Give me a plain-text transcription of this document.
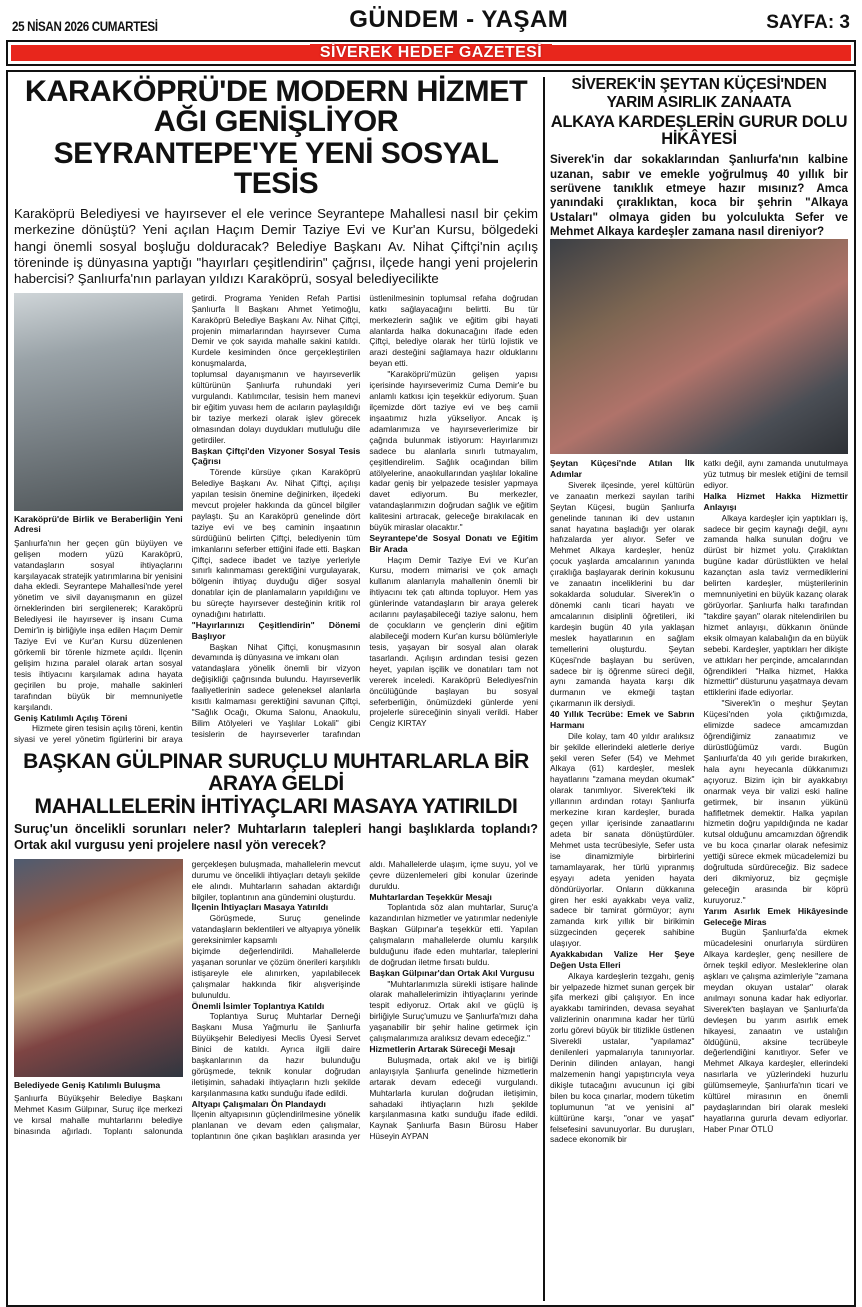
25 NİSAN 2026 CUMARTESİ	GÜNDEM - YAŞAM	SAYFA: 3
SİVEREK HEDEF GAZETESİ
KARAKÖPRÜ'DE MODERN HİZMET AĞI GENİŞLİYOR
SEYRANTEPE'YE YENİ SOSYAL TESİS
Karaköprü Belediyesi ve hayırsever el ele verince Seyrantepe Mahallesi nasıl bir çekim merkezine dönüştü? Yeni açılan Haçım Demir Taziye Evi ve Kur'an Kursu, bölgedeki hangi önemli sosyal boşluğu dolduracak? Belediye Başkanı Av. Nihat Çiftçi'nin açılış töreninde iş dünyasına yaptığı "hayırları çeşitlendirin" çağrısı, ilçede hangi yeni projelerin habercisi? Şanlıurfa'nın parlayan yıldızı Karaköprü, sosyal belediyecilikte
Karaköprü'de Birlik ve Beraberliğin Yeni Adresi

Şanlıurfa'nın her geçen gün büyüyen ve gelişen modern yüzü Karaköprü, vatandaşların sosyal ihtiyaçlarını karşılayacak stratejik yatırımlarına bir yenisini daha ekledi. Seyrantepe Mahallesi'nde yerel yönetim ve sivil dayanışmanın en güzel örneklerinden biri sergilenerek; Karaköprü Belediyesi ile hayırsever iş insanı Cuma Demir'in iş birliğiyle inşa edilen Haçım Demir Taziye Evi ve Kur'an Kursu düzenlenen görkemli bir törenle hizmete açıldı. İlçenin gelişim hızına paralel olarak artan sosyal tesis ihtiyacını karşılamak adına hayata geçirilen bu proje, mahalle sakinleri tarafından büyük bir memnuniyetle karşılandı.

Geniş Katılımlı Açılış Töreni

Hizmete giren tesisin açılış töreni, kentin siyasi ve yerel yönetim figürlerini bir araya getirdi. Programa Yeniden Refah Partisi Şanlıurfa İl Başkanı Ahmet Yetimoğlu, Karaköprü Belediye Başkanı Av. Nihat Çiftçi, projenin mimarlarından hayırsever Cuma Demir ve çok sayıda mahalle sakini katıldı. Kurdele kesiminden önce gerçekleştirilen konuşmalarda,

toplumsal dayanışmanın ve hayırseverlik kültürünün Şanlıurfa ruhundaki yeri vurgulandı. Katılımcılar, tesisin hem manevi bir eğitim yuvası hem de acıların paylaşıldığı bir taziye merkezi olarak işlev görecek olmasından dolayı duydukları mutluluğu dile getirdiler.

Başkan Çiftçi'den Vizyoner Sosyal Tesis Çağrısı

Törende kürsüye çıkan Karaköprü Belediye Başkanı Av. Nihat Çiftçi, açılışı yapılan tesisin önemine değinirken, ilçedeki mevcut projeler hakkında da güncel bilgiler paylaştı. Şu an Karaköprü genelinde dört taziye evi ve beş caminin inşaatının sürdüğünü belirten Çiftçi, belediyenin tüm imkanlarını seferber ettiğini ifade etti. Başkan Çiftçi, sadece ibadet ve taziye yerleriyle sınırlı kalınmaması gerektiğini vurgulayarak, bölgenin ihtiyaç duyduğu diğer sosyal donatılar için de planlamaların yapıldığını ve bu süreçte hayırsever desteğinin kritik rol oynadığını hatırlattı.

"Hayırlarınızı Çeşitlendirin" Dönemi Başlıyor

Başkan Nihat Çiftçi, konuşmasının devamında iş dünyasına ve imkanı olan

vatandaşlara yönelik önemli bir vizyon değişikliği çağrısında bulundu. Hayırseverlik faaliyetlerinin sadece geleneksel alanlarla kısıtlı kalmaması gerektiğini savunan Çiftçi, "Sağlık Ocağı, Okuma Salonu, Anaokulu, Bilim Atölyeleri ve Yaşlılar Lokali" gibi tesislerin de hayırseverler tarafından üstlenilmesinin toplumsal refaha doğrudan katkı sağlayacağını belirtti. Bu tür merkezlerin sağlık ve eğitim gibi hayati alanlarda halka dokunacağını ifade eden Çiftçi, belediye olarak her türlü lojistik ve arazi desteğini sağlamaya hazır olduklarını beyan etti.

"Karaköprü'müzün gelişen yapısı içerisinde hayırseverimiz Cuma Demir'e bu anlamlı katkısı için teşekkür ediyorum. Şuan ilçemizde dört taziye evi ve beş camii inşaatımız hızla yükseliyor. Ancak iş adamlarımıza ve hayırseverlerimize bir çağrıda bulunmak istiyorum: Hayırlarımızı sadece bu alanlarla sınırlı tutmayalım, çeşitlendirelim. Sağlık ocağından bilim atölyelerine, anaokullarından yaşlılar lokaline kadar geniş bir yelpazede tesisler yapmaya davet ediyorum. Bu merkezler, vatandaşlarımızın doğrudan sağlık ve eğitim kalitesini artıracak, geleceğe bırakılacak en büyük miraslar olacaktır."

Seyrantepe'de Sosyal Donatı ve Eğitim Bir Arada

Haçım Demir Taziye Evi ve Kur'an Kursu, modern mimarisi ve çok amaçlı kullanım alanlarıyla mahallenin önemli bir ihtiyacını tek çatı altında topluyor. Hem yas günlerinde vatandaşların bir araya gelerek acılarını paylaşabileceği taziye salonu, hem de çocukların ve gençlerin dini eğitim alabileceği modern Kur'an kursu bölümleriyle tesis, yaşayan bir sosyal alan olarak tasarlandı. Açılışın ardından tesisi gezen heyet, yapılan işçilik ve donatıları tam not vererek inceledi. Karaköprü Belediyesi'nin öncülüğünde başlayan bu sosyal seferberliğin, önümüzdeki günlerde yeni projelerle süreceğinin sinyali verildi. Haber Cengiz KIRTAY

BAŞKAN GÜLPINAR SURUÇLU MUHTARLARLA BİR ARAYA GELDİ
MAHALLELERİN İHTİYAÇLARI MASAYA YATIRILDI
Suruç'un öncelikli sorunları neler? Muhtarların talepleri hangi başlıklarda toplandı? Ortak akıl vurgusu yeni projelere nasıl yön verecek?
Belediyede Geniş Katılımlı Buluşma

Şanlıurfa Büyükşehir Belediye Başkanı Mehmet Kasım Gülpınar, Suruç ilçe merkezi ve kırsal mahalle muhtarlarını belediye binasında ağırladı. Toplantı salonunda gerçekleşen buluşmada, mahallelerin mevcut durumu ve öncelikli ihtiyaçları detaylı şekilde ele alındı. Muhtarların sahadan aktardığı bilgiler, toplantının ana gündemini oluşturdu.

İlçenin İhtiyaçları Masaya Yatırıldı

Görüşmede, Suruç genelinde vatandaşların beklentileri ve altyapıya yönelik gereksinimler kapsamlı

biçimde değerlendirildi. Mahallelerde yaşanan sorunlar ve çözüm önerileri karşılıklı istişareyle ele alınırken, yapılabilecek çalışmalar hakkında fikir alışverişinde bulunuldu.

Önemli İsimler Toplantıya Katıldı

Toplantıya Suruç Muhtarlar Derneği Başkanı Musa Yağmurlu ile Şanlıurfa Büyükşehir Belediyesi Meclis Üyesi Servet Binici de katıldı. Ayrıca ilgili daire başkanlarının da hazır bulunduğu görüşmede, teknik konular doğrudan iletişimin, sahadaki ihtiyaçların hızlı şekilde karşılanmasına katkı sunduğu ifade edildi.

Altyapı Çalışmaları Ön Plandaydı

İlçenin altyapısının güçlendirilmesine yönelik planlanan ve devam eden çalışmalar, toplantının öne çıkan başlıkları arasında yer aldı. Mahallelerde ulaşım, içme suyu, yol ve çevre düzenlemeleri gibi konular üzerinde duruldu.

Muhtarlardan Teşekkür Mesajı

Toplantıda söz alan muhtarlar, Suruç'a kazandırılan hizmetler ve yatırımlar nedeniyle Başkan Gülpınar'a teşekkür etti. Yapılan çalışmaların mahallelerde olumlu karşılık bulduğunu ifade eden muhtarlar, taleplerini de doğrudan iletme fırsatı buldu.

Başkan Gülpınar'dan Ortak Akıl Vurgusu

"Muhtarlarımızla sürekli istişare halinde olarak mahallelerimizin ihtiyaçlarını yerinde tespit ediyoruz. Ortak akıl ve güçlü iş birliğiyle Suruç'umuzu ve Şanlıurfa'mızı daha yaşanabilir bir şehir haline getirmek için çalışmalarımıza aralıksız devam edeceğiz."

Hizmetlerin Artarak Süreceği Mesajı

Buluşmada, ortak akıl ve iş birliği anlayışıyla Şanlıurfa genelinde hizmetlerin artarak devam edeceği vurgulandı. Muhtarlarla kurulan doğrudan iletişimin, sahadaki ihtiyaçların hızlı şekilde karşılanmasına katkı sunduğu ifade edildi. Kaynak Şanlıurfa Basın Bürosu Haber Hüseyin AYPAN

SİVEREK'İN ŞEYTAN KÜÇESİ'NDEN
YARIM ASIRLIK ZANAATA
ALKAYA KARDEŞLERİN GURUR DOLU HİKÂYESİ
Siverek'in dar sokaklarından Şanlıurfa'nın kalbine uzanan, sabır ve emekle yoğrulmuş 40 yıllık bir serüvene tanıklık etmeye hazır mısınız? Amca yanındaki çıraklıktan, koca bir şehrin "Alkaya Ustaları" olmaya giden bu yolculukta Sefer ve Mehmet Alkaya kardeşler zamana nasıl direniyor?
Şeytan Küçesi'nde Atılan İlk Adımlar

Siverek ilçesinde, yerel kültürün ve zanaatın merkezi sayılan tarihi Şeytan Küçesi, bugün Şanlıurfa genelinde tanınan iki dev ustanın sanat hayatına başladığı yer olarak hafızalarda yer alıyor. Sefer ve Mehmet Alkaya kardeşler, henüz çocuk yaşlarda amcalarının yanında çıraklığa başlayarak derinin kokusunu ve zanaatın inceliklerini bu dar sokaklarda soludular. Siverek'in o dönemki canlı ticari hayatı ve amcalarının disiplinli öğretileri, iki kardeşin bugün 40 yıla yaklaşan meslek hayatlarının en sağlam temellerini oluşturdu. Şeytan Küçesi'nde başlayan bu serüven, sadece bir iş öğrenme süreci değil, aynı zamanda hayata karşı dik durmanın ve ekmeği taştan çıkarmanın ilk dersiydi.

40 Yıllık Tecrübe: Emek ve Sabrın Harmanı

Dile kolay, tam 40 yıldır aralıksız bir şekilde ellerindeki aletlerle deriye şekil veren Sefer (54) ve Mehmet Alkaya (61) kardeşler, meslek hayatlarını "zamana meydan okumak" olarak tanımlıyor. Siverek'teki ilk yıllarının ardından rotayı Şanlıurfa merkezine kıran kardeşler, burada geçen yıllar içerisinde zanaatlarını adeta bir sanata dönüştürdüler. Mehmet usta tecrübesiyle, Sefer usta ise dinamizmiyle birbirlerini tamamlayarak, her türlü yıpranmış eşyayı adeta yeniden hayata döndürüyorlar. Onların dükkanına giren her eski ayakkabı veya valiz, sadece bir tamirat görmüyor; aynı zamanda kırk yıllık bir birikimin süzgecinden geçerek sahibine ulaşıyor.

Ayakkabıdan Valize Her Şeye Değen Usta Elleri

Alkaya kardeşlerin tezgahı, geniş bir yelpazede hizmet sunan gerçek bir şifa merkezi gibi çalışıyor. En ince ayakkabı tamirinden, devasa seyahat valizlerinin onarımına kadar her türlü zorlu görevi büyük bir titizlikle üstlenen Siverekli ustalar, "yapılamaz" denilenleri yapmalarıyla tanınıyorlar. Derinin dilinden anlayan, hangi malzemenin hangi yapıştırıcıyla veya dikişle tutacağını avucunun içi gibi bilen bu koca çınarlar, modern tüketim toplumunun "at ve yenisini al" kültürüne karşı, "onar ve yaşat" felsefesini savunuyorlar. Bu duruşları, sadece ekonomik bir

katkı değil, aynı zamanda unutulmaya yüz tutmuş bir meslek etiğini de temsil ediyor.

Halka Hizmet Hakka Hizmettir Anlayışı

Alkaya kardeşler için yaptıkları iş, sadece bir geçim kaynağı değil, aynı zamanda halka sunulan doğru ve dürüst bir hizmet yolu. Çıraklıktan bugüne kadar dürüstlükten ve helal kazançtan asla taviz vermediklerini belirten kardeşler, müşterilerinin memnuniyetini en büyük kazanç olarak görüyorlar. Şanlıurfa halkı tarafından "takdire şayan" olarak nitelendirilen bu hizmet anlayışı, dükkanın önünde eksik olmayan kalabalığın da en büyük sebebi. Kardeşler, yaptıkları her dikişte ve attıkları her perçinde, amcalarından öğrendikleri "Halka hizmet, Hakka hizmettir" düsturunu yaşatmaya devam ettiklerini ifade ediyorlar.

"Siverek'in o meşhur Şeytan Küçesi'nden yola çıktığımızda, elimizde sadece amcamızdan öğrendiğimiz zanaatımız ve dürüstlüğümüz vardı. Bugün Şanlıurfa'da 40 yılı geride bırakırken, hala aynı heyecanla dükkanımızı açıyoruz. Bizim için bir ayakkabıyı onarmak veya bir valizi eski haline getirmek, bir insanın yükünü hafifletmek demektir. Halka yapılan hizmetin doğru yapıldığında ne kadar kutsal olduğunu amcamızdan öğrendik ve bu koca çınarlar olarak nefesimiz yettiği sürece ekmek mücadelemizi bu doğrultuda sürdüreceğiz. Biz sadece deri dikmiyoruz, biz geçmişle geleceğin arasında bir köprü kuruyoruz."

Yarım Asırlık Emek Hikâyesinde Geleceğe Miras

Bugün Şanlıurfa'da ekmek mücadelesini onurlarıyla sürdüren Alkaya kardeşler, genç nesillere de örnek teşkil ediyor. Mesleklerine olan aşkları ve çalışma azimleriyle "zamana meydan okuyan ustalar" olarak anılmayı sonuna kadar hak ediyorlar. Siverek'ten başlayan ve Şanlıurfa'da devleşen bu yarım asırlık emek hikayesi, zanaatın ve ustalığın öldüğünü, aksine tecrübeyle değerlendiğini kanıtlıyor. Sefer ve Mehmet Alkaya kardeşler, ellerindeki nasırlarla ve yüzlerindeki huzurlu gülümsemeyle, Şanlıurfa'nın ticari ve kültürel mirasının en önemli paydaşlarından biri olarak mesleki hayatlarına gururla devam ediyorlar. Haber Pınar ÖTLÜ
